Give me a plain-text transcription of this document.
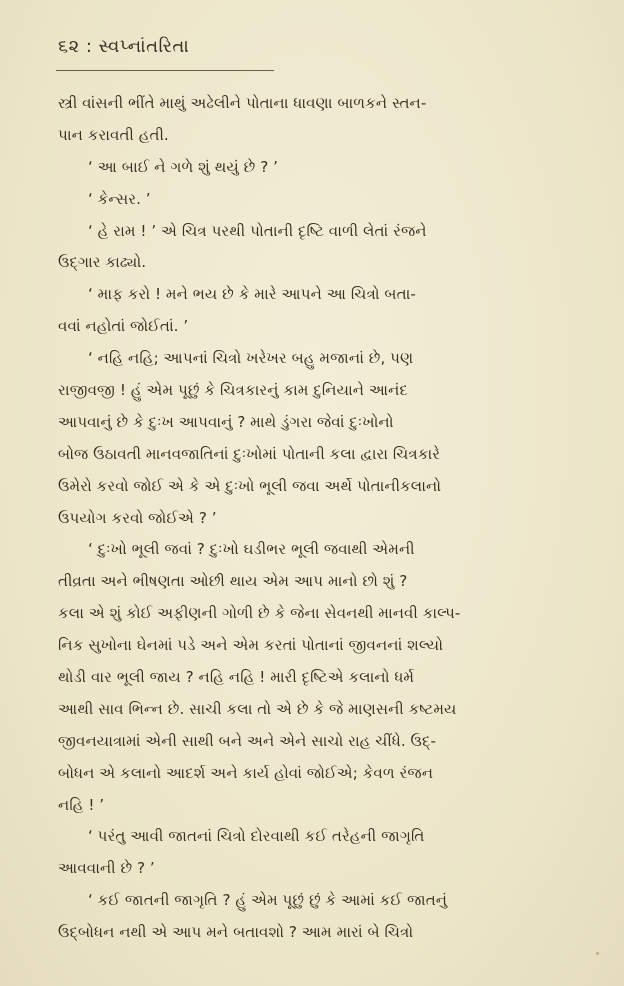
૬૨ : સ્વપ્નાંતરિતા
સ્ત્રી વાંસની ભીંતે માથું અઢેલીને પોતાના ધાવણા બાળકને સ્તન-
પાન કરાવતી હતી.
‘ આ બાઈ ને ગળે શું થયું છે ? ’
‘ કેન્સર. ’
‘ હે રામ ! ’ એ ચિત્ર પરથી પોતાની દૃષ્ટિ વાળી લેતાં રંજને
ઉદ્‌ગાર કાઢ્યો.
‘ માફ કરો ! મને ભય છે કે મારે આપને આ ચિત્રો બતા-
વવાં નહોતાં જોઈતાં. ’
‘ નહિ નહિ; આપનાં ચિત્રો ખરેખર બહુ મજાનાં છે, પણ
રાજીવજી ! હું એમ પૂછું કે ચિત્રકારનું કામ દુનિયાને આનંદ
આપવાનું છે કે દુઃખ આપવાનું ? માથે ડુંગરા જેવાં દુઃખોનો
બોજ ઉઠાવતી માનવજાતિનાં દુઃખોમાં પોતાની કલા દ્વારા ચિત્રકારે
ઉમેરો કરવો જોઈ એ કે એ દુઃખો ભૂલી જવા અર્થે પોતાનીકલાનો
ઉપયોગ કરવો જોઈએ ? ’
‘ દુઃખો ભૂલી જવાં ? દુઃખો ઘડીભર ભૂલી જવાથી એમની
તીવ્રતા અને ભીષણતા ઓછી થાય એમ આપ માનો છો શું ?
કલા એ શું કોઈ અફીણની ગોળી છે કે જેના સેવનથી માનવી કાલ્પ-
નિક સુખોના ઘેનમાં પડે અને એમ કરતાં પોતાનાં જીવનનાં શલ્યો
થોડી વાર ભૂલી જાય ? નહિ નહિ ! મારી દૃષ્ટિએ કલાનો ધર્મ
આથી સાવ ભિન્ન છે. સાચી કલા તો એ છે કે જે માણસની કષ્ટમય
જીવનયાત્રામાં એની સાથી બને અને એને સાચો રાહ ચીંધે. ઉદ્‌-
બોધન એ કલાનો આદર્શ અને કાર્ય હોવાં જોઈએ; કેવળ રંજન
નહિ ! ’
‘ પરંતુ આવી જાતનાં ચિત્રો દોરવાથી કઈ તરેહની જાગૃતિ
આવવાની છે ? ’
‘ કઈ જાતની જાગૃતિ ? હું એમ પૂછું છું કે આમાં કઈ જાતનું
ઉદ્‌બોધન નથી એ આપ મને બતાવશો ? આમ મારાં બે ચિત્રો
